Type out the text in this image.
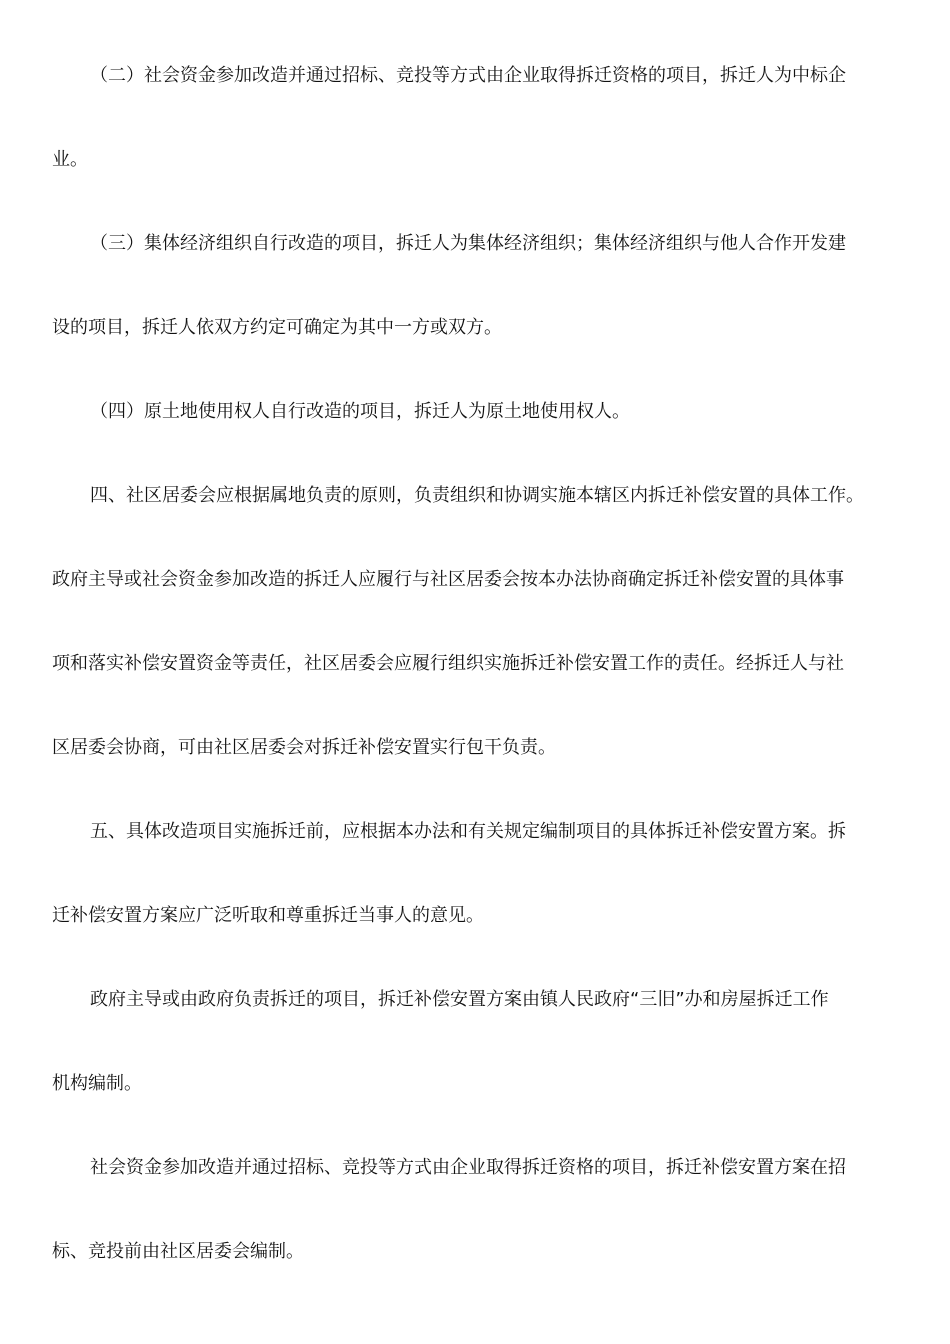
（二）社会资金参加改造并通过招标、竞投等方式由企业取得拆迁资格的项目，拆迁人为中标企
业。
（三）集体经济组织自行改造的项目，拆迁人为集体经济组织；集体经济组织与他人合作开发建
设的项目，拆迁人依双方约定可确定为其中一方或双方。
（四）原土地使用权人自行改造的项目，拆迁人为原土地使用权人。
四、社区居委会应根据属地负责的原则，负责组织和协调实施本辖区内拆迁补偿安置的具体工作。
政府主导或社会资金参加改造的拆迁人应履行与社区居委会按本办法协商确定拆迁补偿安置的具体事
项和落实补偿安置资金等责任，社区居委会应履行组织实施拆迁补偿安置工作的责任。经拆迁人与社
区居委会协商，可由社区居委会对拆迁补偿安置实行包干负责。
五、具体改造项目实施拆迁前，应根据本办法和有关规定编制项目的具体拆迁补偿安置方案。拆
迁补偿安置方案应广泛听取和尊重拆迁当事人的意见。
政府主导或由政府负责拆迁的项目，拆迁补偿安置方案由镇人民政府“三旧”办和房屋拆迁工作
机构编制。
社会资金参加改造并通过招标、竞投等方式由企业取得拆迁资格的项目，拆迁补偿安置方案在招
标、竞投前由社区居委会编制。
